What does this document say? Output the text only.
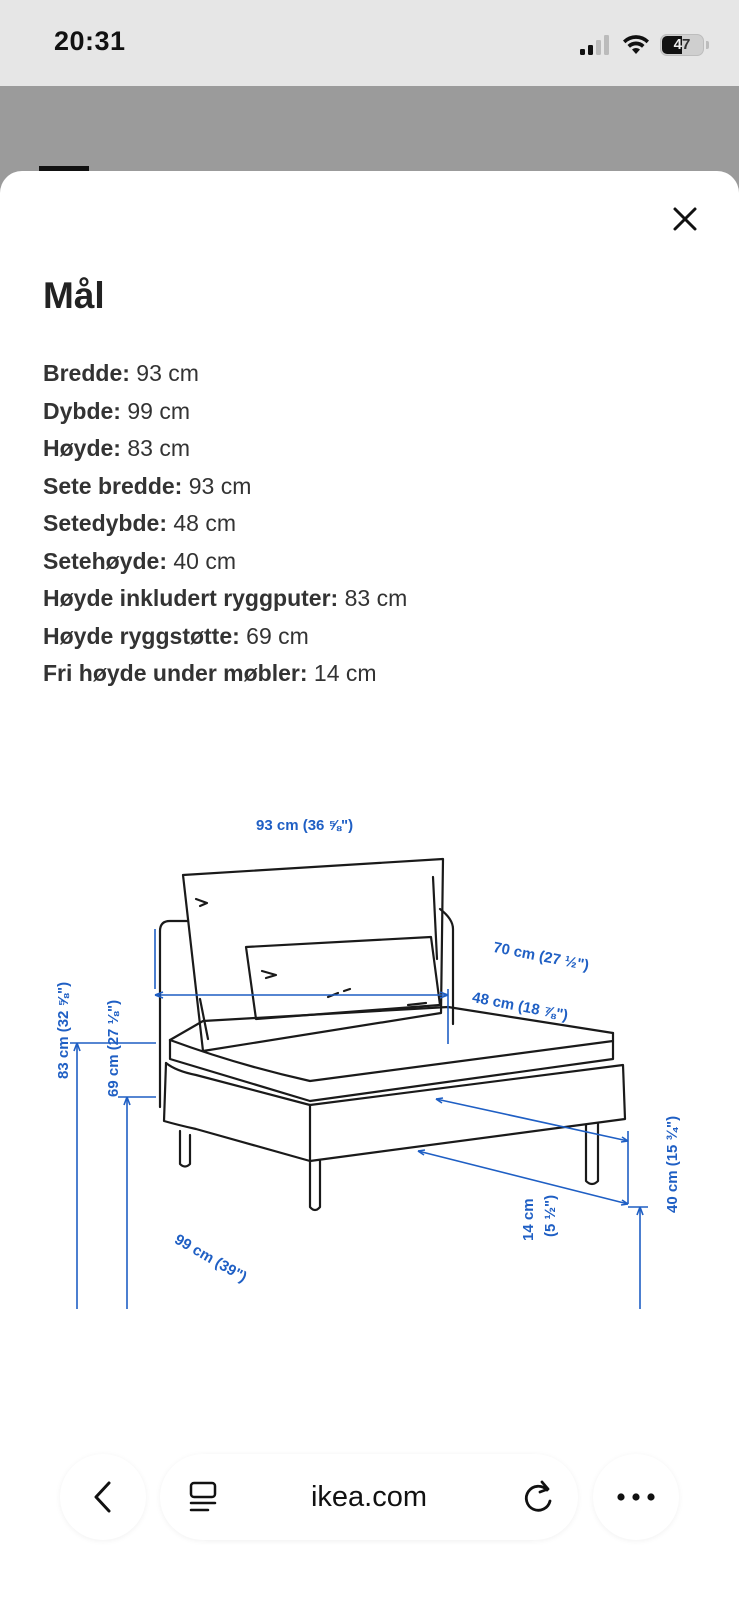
20:31	47
Mål
Bredde: 93 cm
Dybde: 99 cm
Høyde: 83 cm
Sete bredde: 93 cm
Setedybde: 48 cm
Setehøyde: 40 cm
Høyde inkludert ryggputer: 83 cm
Høyde ryggstøtte: 69 cm
Fri høyde under møbler: 14 cm
93 cm (36 ⅝")
70 cm (27 ½")
48 cm (18 ⅞")
83 cm (32 ⅝") 69 cm (27 ⅛")
99 cm (39")
14 cm (5 ½")
40 cm (15 ¾")
ikea.com
